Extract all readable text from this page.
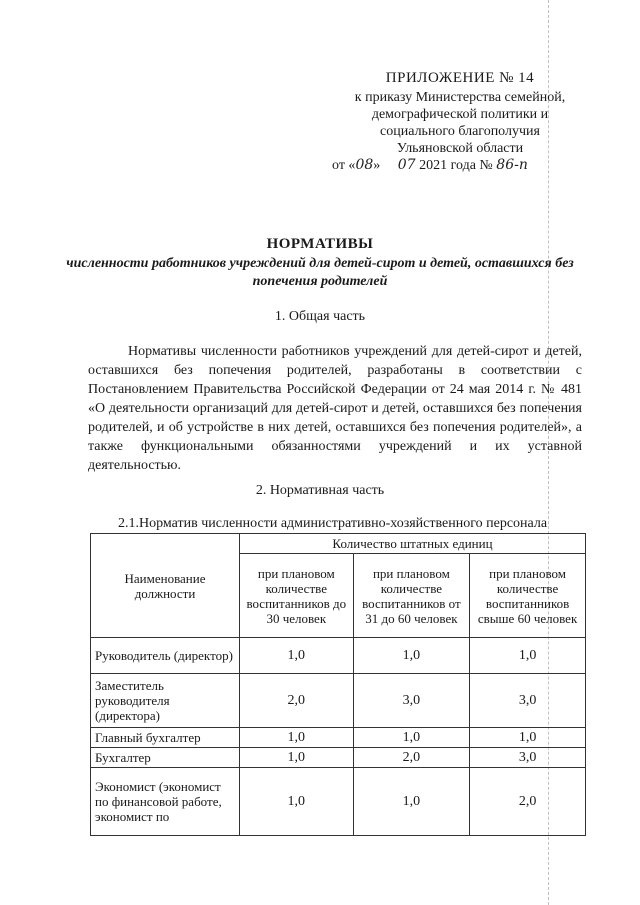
ПРИЛОЖЕНИЕ № 14
к приказу Министерства семейной,
демографической политики и
социального благополучия
Ульяновской области
от «08»     07 2021 года № 86-п
НОРМАТИВЫ
численности работников учреждений для детей-сирот и детей, оставшихся без попечения родителей
1. Общая часть
Нормативы численности работников учреждений для детей-сирот и детей, оставшихся без попечения родителей, разработаны в соответствии с Постановлением Правительства Российской Федерации от 24 мая 2014 г. № 481 «О деятельности организаций для детей-сирот и детей, оставшихся без попечения родителей, и об устройстве в них детей, оставшихся без попечения родителей», а также функциональными обязанностями учреждений и их уставной деятельностью.
2. Нормативная часть
2.1.Норматив численности административно-хозяйственного персонала
Наименование должности	Количество штатных единиц		
	при плановом количестве воспитанников до 30 человек	при плановом количестве воспитанников от 31 до 60 человек	при плановом количестве воспитанников свыше 60 человек
Руководитель (директор)	1,0	1,0	1,0
Заместитель руководителя (директора)	2,0	3,0	3,0
Главный бухгалтер	1,0	1,0	1,0
Бухгалтер	1,0	2,0	3,0
Экономист (экономист по финансовой работе, экономист по	1,0	1,0	2,0
